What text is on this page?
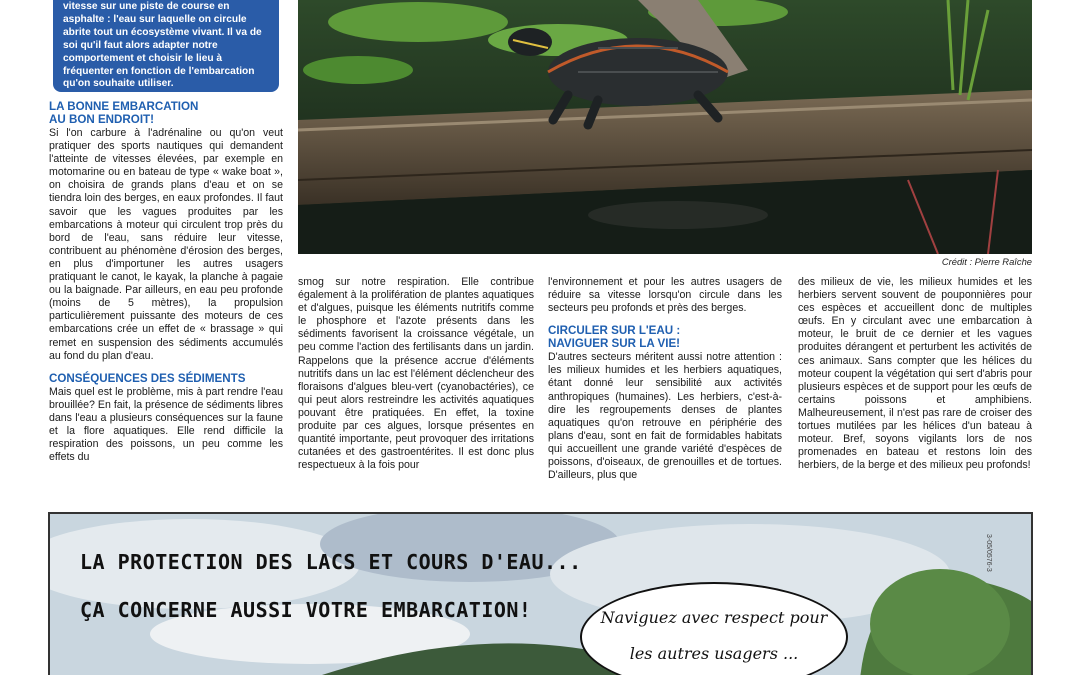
vitesse sur une piste de course en asphalte : l'eau sur laquelle on circule abrite tout un écosystème vivant. Il va de soi qu'il faut alors adapter notre comportement et choisir le lieu à fréquenter en fonction de l'embarcation qu'on souhaite utiliser.
LA BONNE EMBARCATION
AU BON ENDROIT!

Si l'on carbure à l'adrénaline ou qu'on veut pratiquer des sports nautiques qui demandent l'atteinte de vitesses élevées, par exemple en motomarine ou en bateau de type « wake boat », on choisira de grands plans d'eau et on se tiendra loin des berges, en eaux profondes. Il faut savoir que les vagues produites par les embarcations à moteur qui circulent trop près du bord de l'eau, sans réduire leur vitesse, contribuent au phénomène d'érosion des berges, en plus d'importuner les autres usagers pratiquant le canot, le kayak, la planche à pagaie ou la baignade. Par ailleurs, en eau peu profonde (moins de 5 mètres), la propulsion particulièrement puissante des moteurs de ces embarcations crée un effet de « brassage » qui remet en suspension des sédiments accumulés au fond du plan d'eau.

CONSÉQUENCES DES SÉDIMENTS

Mais quel est le problème, mis à part rendre l'eau brouillée? En fait, la présence de sédiments libres dans l'eau a plusieurs conséquences sur la faune et la flore aquatiques. Elle rend difficile la respiration des poissons, un peu comme les effets du

Crédit : Pierre Raîche

smog sur notre respiration. Elle contribue également à la prolifération de plantes aquatiques et d'algues, puisque les éléments nutritifs comme le phosphore et l'azote présents dans les sédiments favorisent la croissance végétale, un peu comme l'action des fertilisants dans un jardin. Rappelons que la présence accrue d'éléments nutritifs dans un lac est l'élément déclencheur des floraisons d'algues bleu-vert (cyanobactéries), ce qui peut alors restreindre les activités aquatiques pouvant être pratiquées. En effet, la toxine produite par ces algues, lorsque présentes en quantité importante, peut provoquer des irritations cutanées et des gastroentérites. Il est donc plus respectueux à la fois pour

l'environnement et pour les autres usagers de réduire sa vitesse lorsqu'on circule dans les secteurs peu profonds et près des berges.

CIRCULER SUR L'EAU :
NAVIGUER SUR LA VIE!

D'autres secteurs méritent aussi notre attention : les milieux humides et les herbiers aquatiques, étant donné leur sensibilité aux activités anthropiques (humaines). Les herbiers, c'est-à-dire les regroupements denses de plantes aquatiques qu'on retrouve en périphérie des plans d'eau, sont en fait de formidables habitats qui accueillent une grande variété d'espèces de poissons, d'oiseaux, de grenouilles et de tortues. D'ailleurs, plus que

des milieux de vie, les milieux humides et les herbiers servent souvent de pouponnières pour ces espèces et accueillent donc de multiples œufs. En y circulant avec une embarcation à moteur, le bruit de ce dernier et les vagues produites dérangent et perturbent les activités de ces animaux. Sans compter que les hélices du moteur coupent la végétation qui sert d'abris pour plusieurs espèces et de support pour les œufs de certains poissons et amphibiens. Malheureusement, il n'est pas rare de croiser des tortues mutilées par les hélices d'un bateau à moteur. Bref, soyons vigilants lors de nos promenades en bateau et restons loin des herbiers, de la berge et des milieux peu profonds!

LA PROTECTION DES LACS ET COURS D'EAU...
ÇA CONCERNE AUSSI VOTRE EMBARCATION!	Naviguez avec respect pour
les autres usagers ...
3-05/0576-3
